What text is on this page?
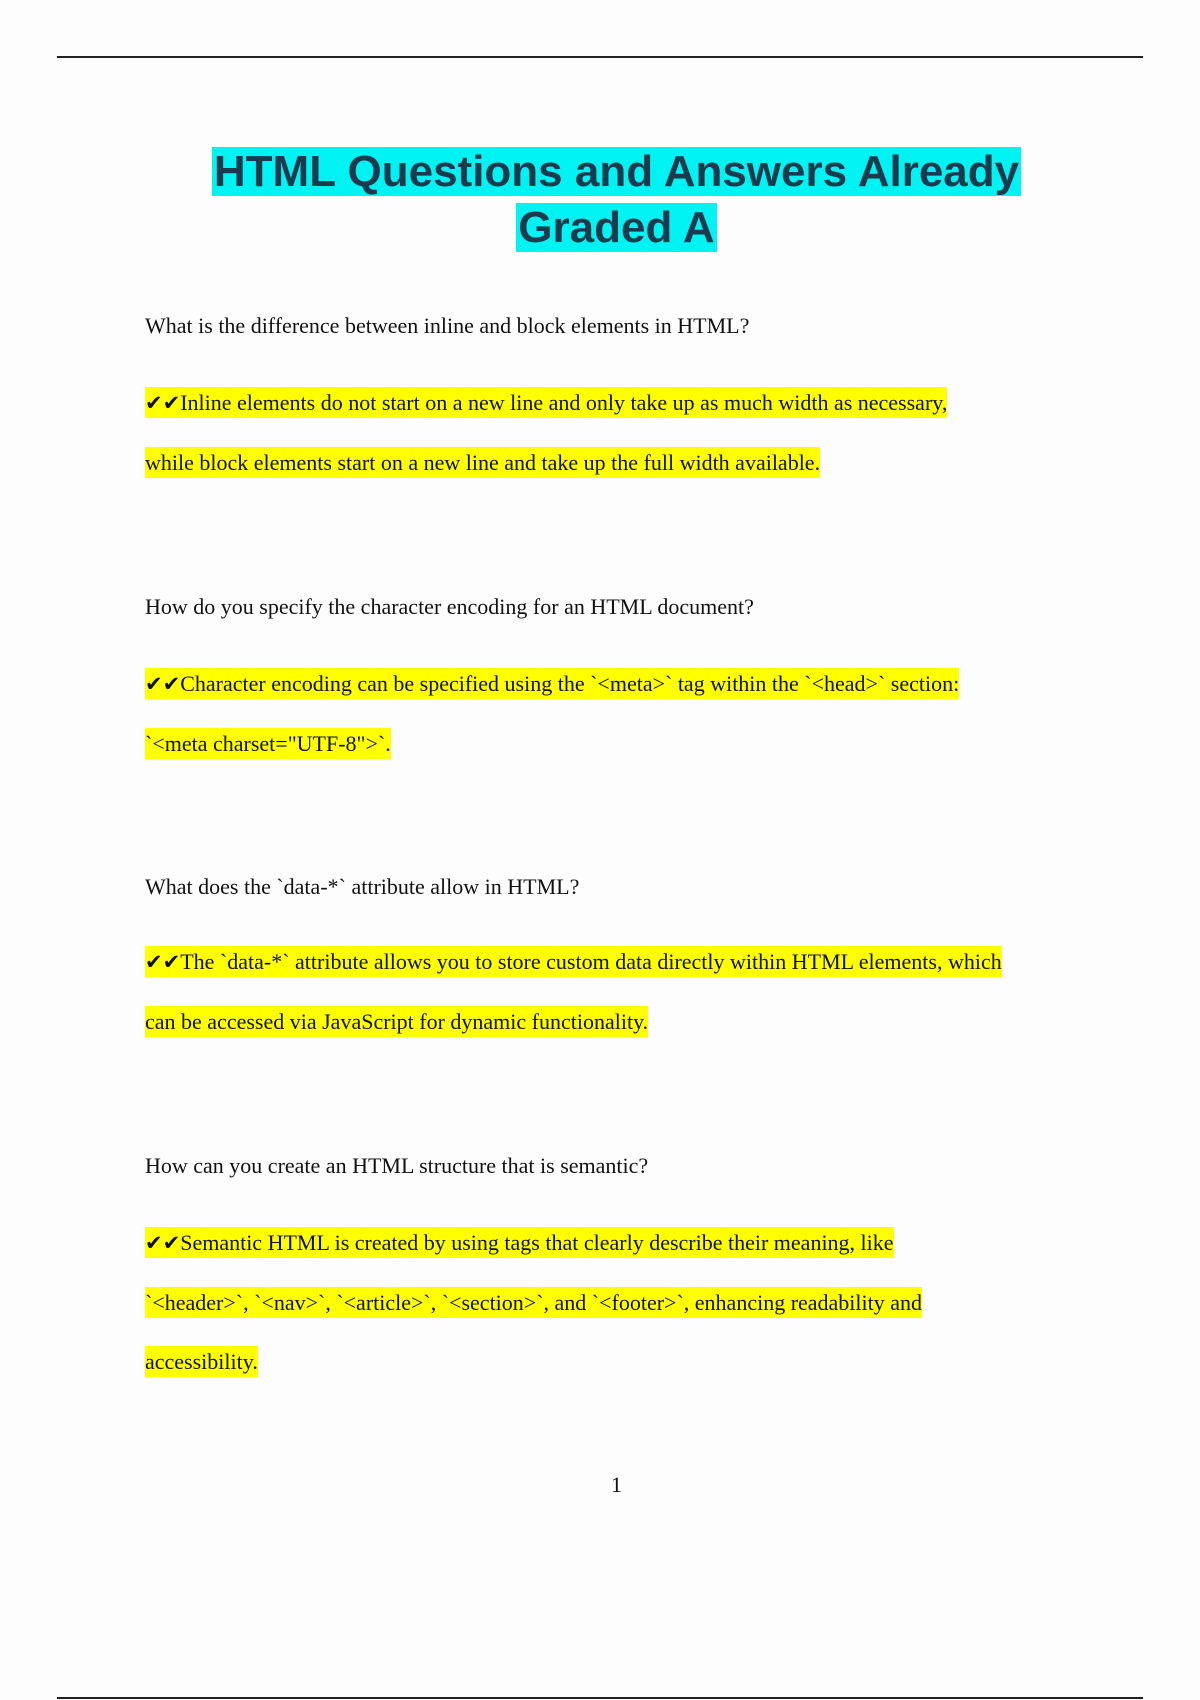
HTML Questions and Answers Already
Graded A
What is the difference between inline and block elements in HTML?
✔✔Inline elements do not start on a new line and only take up as much width as necessary,
while block elements start on a new line and take up the full width available.
How do you specify the character encoding for an HTML document?
✔✔Character encoding can be specified using the `<meta>` tag within the `<head>` section:
`<meta charset="UTF-8">`.
What does the `data-*` attribute allow in HTML?
✔✔The `data-*` attribute allows you to store custom data directly within HTML elements, which
can be accessed via JavaScript for dynamic functionality.
How can you create an HTML structure that is semantic?
✔✔Semantic HTML is created by using tags that clearly describe their meaning, like
`<header>`, `<nav>`, `<article>`, `<section>`, and `<footer>`, enhancing readability and
accessibility.
1
